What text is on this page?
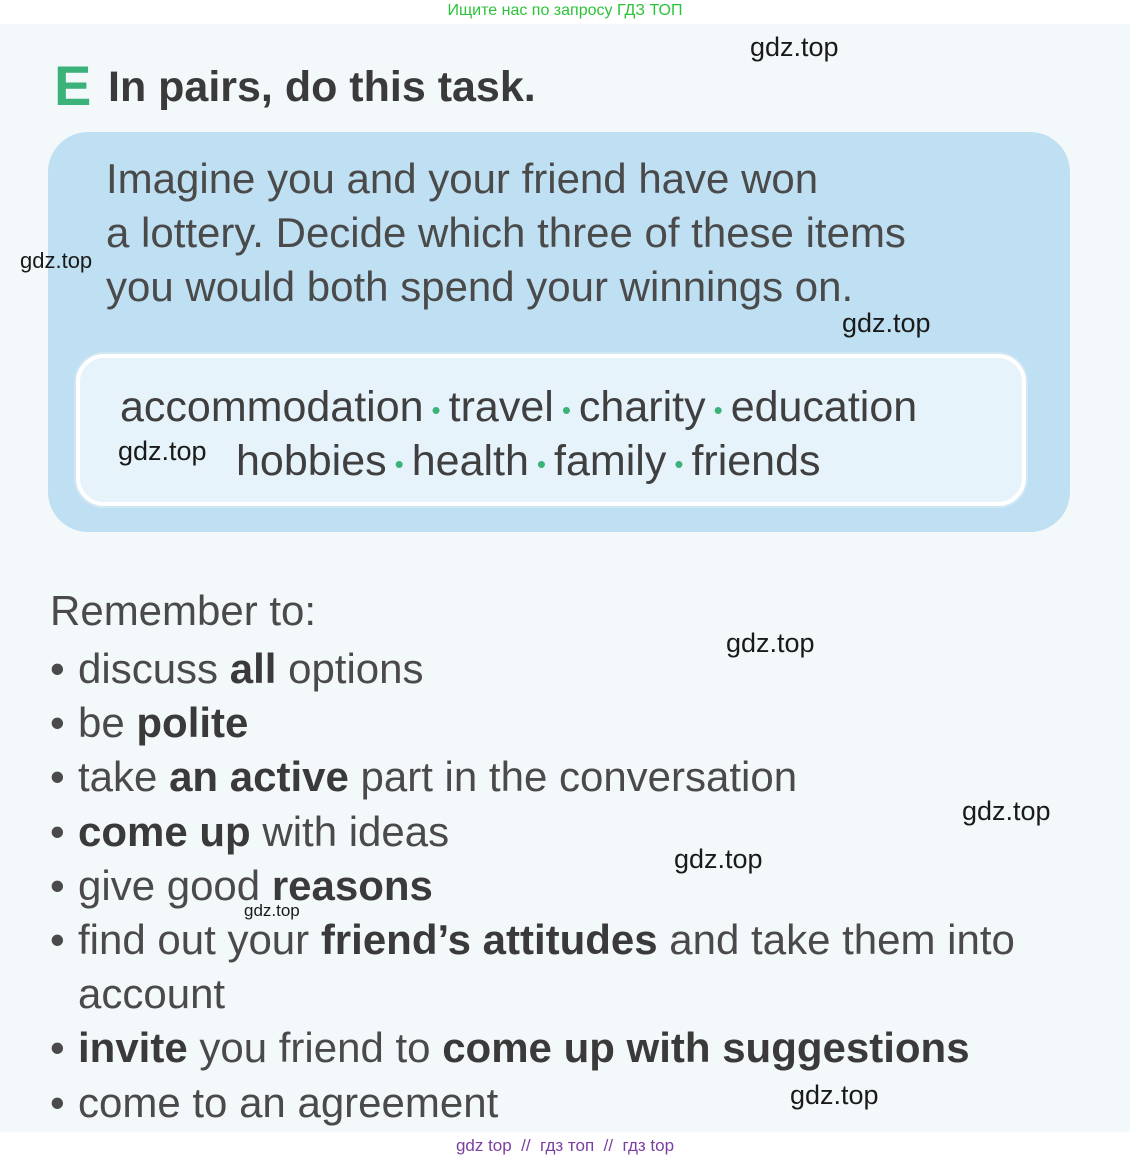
Ищите нас по запросу ГДЗ ТОП
E In pairs, do this task.
Imagine you and your friend have won
a lottery. Decide which three of these items
you would both spend your winnings on.
accommodation • travel • charity • education
hobbies • health • family • friends
Remember to:
• discuss all options
• be polite
• take an active part in the conversation
• come up with ideas
• give good reasons
• find out your friend’s attitudes and take them into account
• invite you friend to come up with suggestions
• come to an agreement
gdz.top
gdz.top
gdz.top
gdz.top
gdz.top
gdz.top
gdz.top
gdz.top
gdz.top
gdz top  //  гдз топ  //  гдз top
